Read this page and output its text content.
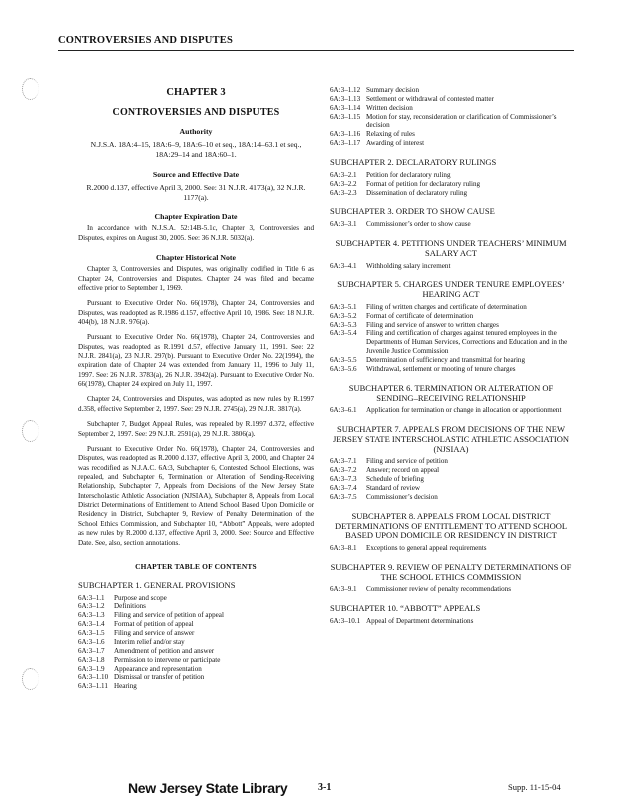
CONTROVERSIES AND DISPUTES
CHAPTER 3
CONTROVERSIES AND DISPUTES
Authority
N.J.S.A. 18A:4–15, 18A:6–9, 18A:6–10 et seq., 18A:14–63.1 et seq., 18A:29–14 and 18A:60–1.
Source and Effective Date
R.2000 d.137, effective April 3, 2000. See: 31 N.J.R. 4173(a), 32 N.J.R. 1177(a).
Chapter Expiration Date

In accordance with N.J.S.A. 52:14B-5.1c, Chapter 3, Controversies and Disputes, expires on August 30, 2005. See: 36 N.J.R. 5032(a).

Chapter Historical Note

Chapter 3, Controversies and Disputes, was originally codified in Title 6 as Chapter 24, Controversies and Disputes. Chapter 24 was filed and became effective prior to September 1, 1969.

Pursuant to Executive Order No. 66(1978), Chapter 24, Controversies and Disputes, was readopted as R.1986 d.157, effective April 10, 1986. See: 18 N.J.R. 404(b), 18 N.J.R. 976(a).

Pursuant to Executive Order No. 66(1978), Chapter 24, Controversies and Disputes, was readopted as R.1991 d.57, effective January 11, 1991. See: 22 N.J.R. 2841(a), 23 N.J.R. 297(b). Pursuant to Executive Order No. 22(1994), the expiration date of Chapter 24 was extended from January 11, 1996 to July 11, 1997. See: 26 N.J.R. 3783(a), 26 N.J.R. 3942(a). Pursuant to Executive Order No. 66(1978), Chapter 24 expired on July 11, 1997.

Chapter 24, Controversies and Disputes, was adopted as new rules by R.1997 d.358, effective September 2, 1997. See: 29 N.J.R. 2745(a), 29 N.J.R. 3817(a).

Subchapter 7, Budget Appeal Rules, was repealed by R.1997 d.372, effective September 2, 1997. See: 29 N.J.R. 2591(a), 29 N.J.R. 3806(a).

Pursuant to Executive Order No. 66(1978), Chapter 24, Controversies and Disputes, was readopted as R.2000 d.137, effective April 3, 2000, and Chapter 24 was recodified as N.J.A.C. 6A:3, Subchapter 6, Contested School Elections, was repealed, and Subchapter 6, Termination or Alteration of Sending-Receiving Relationship, Subchapter 7, Appeals from Decisions of the New Jersey State Interscholastic Athletic Association (NJSIAA), Subchapter 8, Appeals from Local District Determinations of Entitlement to Attend School Based Upon Domicile or Residency in District, Subchapter 9, Review of Penalty Determination of the School Ethics Commission, and Subchapter 10, “Abbott” Appeals, were adopted as new rules by R.2000 d.137, effective April 3, 2000. See: Source and Effective Date. See, also, section annotations.

CHAPTER TABLE OF CONTENTS
SUBCHAPTER 1. GENERAL PROVISIONS
6A:3–1.1	Purpose and scope
6A:3–1.2	Definitions
6A:3–1.3	Filing and service of petition of appeal
6A:3–1.4	Format of petition of appeal
6A:3–1.5	Filing and service of answer
6A:3–1.6	Interim relief and/or stay
6A:3–1.7	Amendment of petition and answer
6A:3–1.8	Permission to intervene or participate
6A:3–1.9	Appearance and representation
6A:3–1.10 Dismissal or transfer of petition
6A:3–1.11 Hearing
6A:3–1.12 Summary decision
6A:3–1.13 Settlement or withdrawal of contested matter
6A:3–1.14 Written decision
6A:3–1.15 Motion for stay, reconsideration or clarification of Commissioner’s decision
6A:3–1.16 Relaxing of rules
6A:3–1.17 Awarding of interest
SUBCHAPTER 2. DECLARATORY RULINGS
6A:3–2.1	Petition for declaratory ruling
6A:3–2.2	Format of petition for declaratory ruling
6A:3–2.3	Dissemination of declaratory ruling
SUBCHAPTER 3. ORDER TO SHOW CAUSE
6A:3–3.1	Commissioner’s order to show cause
SUBCHAPTER 4. PETITIONS UNDER TEACHERS’ MINIMUM SALARY ACT
6A:3–4.1	Withholding salary increment
SUBCHAPTER 5. CHARGES UNDER TENURE EMPLOYEES’ HEARING ACT
6A:3–5.1	Filing of written charges and certificate of determination
6A:3–5.2	Format of certificate of determination
6A:3–5.3	Filing and service of answer to written charges
6A:3–5.4	Filing and certification of charges against tenured employees in the Departments of Human Services, Corrections and Education and in the Juvenile Justice Commission
6A:3–5.5	Determination of sufficiency and transmittal for hearing
6A:3–5.6	Withdrawal, settlement or mooting of tenure charges
SUBCHAPTER 6. TERMINATION OR ALTERATION OF SENDING–RECEIVING RELATIONSHIP
6A:3–6.1	Application for termination or change in allocation or apportionment
SUBCHAPTER 7. APPEALS FROM DECISIONS OF THE NEW JERSEY STATE INTERSCHOLASTIC ATHLETIC ASSOCIATION (NJSIAA)
6A:3–7.1	Filing and service of petition
6A:3–7.2	Answer; record on appeal
6A:3–7.3	Schedule of briefing
6A:3–7.4	Standard of review
6A:3–7.5	Commissioner’s decision
SUBCHAPTER 8. APPEALS FROM LOCAL DISTRICT DETERMINATIONS OF ENTITLEMENT TO ATTEND SCHOOL BASED UPON DOMICILE OR RESIDENCY IN DISTRICT
6A:3–8.1	Exceptions to general appeal requirements
SUBCHAPTER 9. REVIEW OF PENALTY DETERMINATIONS OF THE SCHOOL ETHICS COMMISSION
6A:3–9.1	Commissioner review of penalty recommendations
SUBCHAPTER 10. “ABBOTT” APPEALS
6A:3–10.1 Appeal of Department determinations
New Jersey State Library	3-1	Supp. 11-15-04
